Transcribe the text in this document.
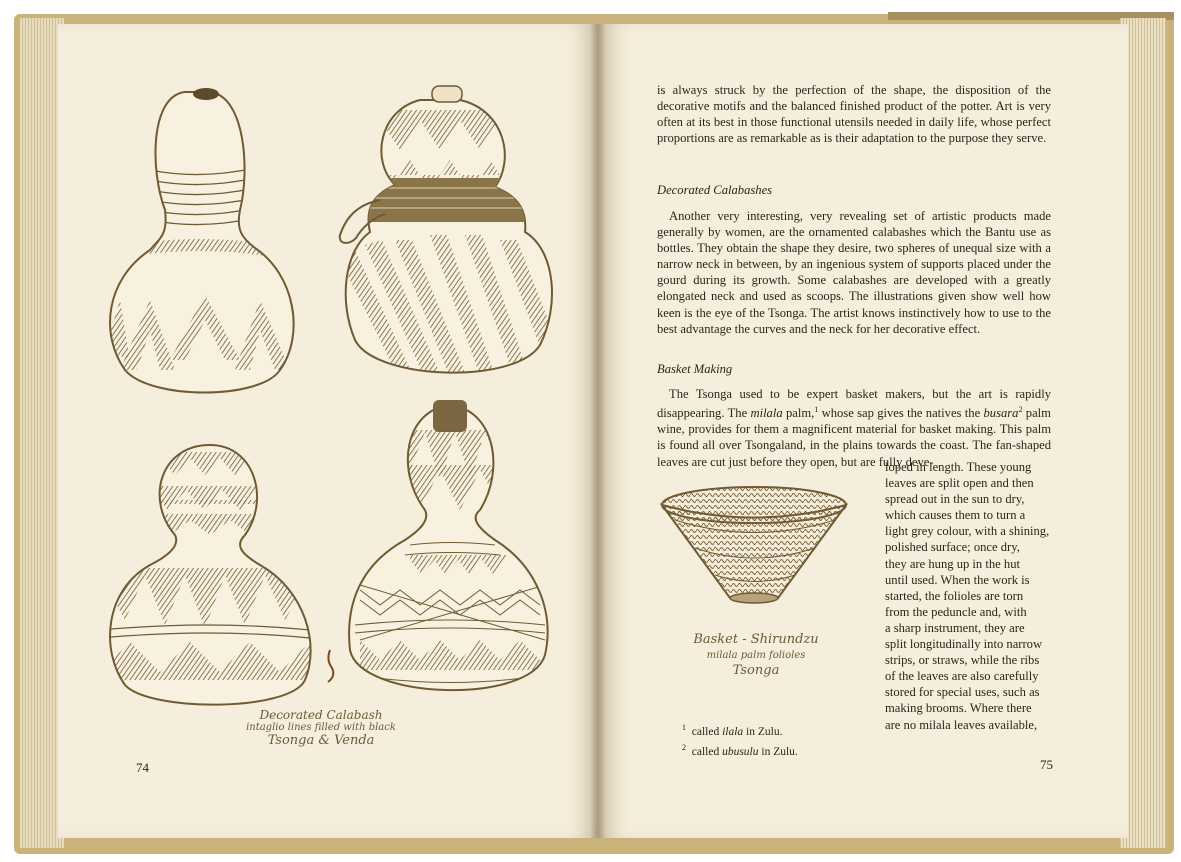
Decorated Calabash
intaglio lines filled with black
Tsonga & Venda
74
is always struck by the perfection of the shape, the disposition of the decorative motifs and the balanced finished product of the potter. Art is very often at its best in those functional utensils needed in daily life, whose perfect proportions are as remarkable as is their adaptation to the purpose they serve.
Decorated Calabashes
Another very interesting, very revealing set of artistic products made generally by women, are the ornamented calabashes which the Bantu use as bottles. They obtain the shape they desire, two spheres of unequal size with a narrow neck in between, by an ingenious system of supports placed under the gourd during its growth. Some calabashes are developed with a greatly elongated neck and used as scoops. The illustrations given show well how keen is the eye of the Tsonga. The artist knows instinctively how to use to the best advantage the curves and the neck for her decorative effect.
Basket Making
The Tsonga used to be expert basket makers, but the art is rapidly disappearing. The milala palm,$^1$ whose sap gives the natives the busara$^2$ palm wine, provides for them a magnificent material for basket making. This palm is found all over Tsongaland, in the plains towards the coast. The fan-shaped leaves are cut just before they open, but are fully deve-
loped in length. These young
leaves are split open and then
spread out in the sun to dry,
which causes them to turn a
light grey colour, with a shining,
polished surface; once dry,
they are hung up in the hut
until used. When the work is
started, the folioles are torn
from the peduncle and, with
a sharp instrument, they are
split longitudinally into narrow
strips, or straws, while the ribs
of the leaves are also carefully
stored for special uses, such as
making brooms. Where there
are no milala leaves available,
Basket - Shirundzu
milala palm folioles
Tsonga
$^1$ called ilala in Zulu.
$^2$ called ubusulu in Zulu.
75
